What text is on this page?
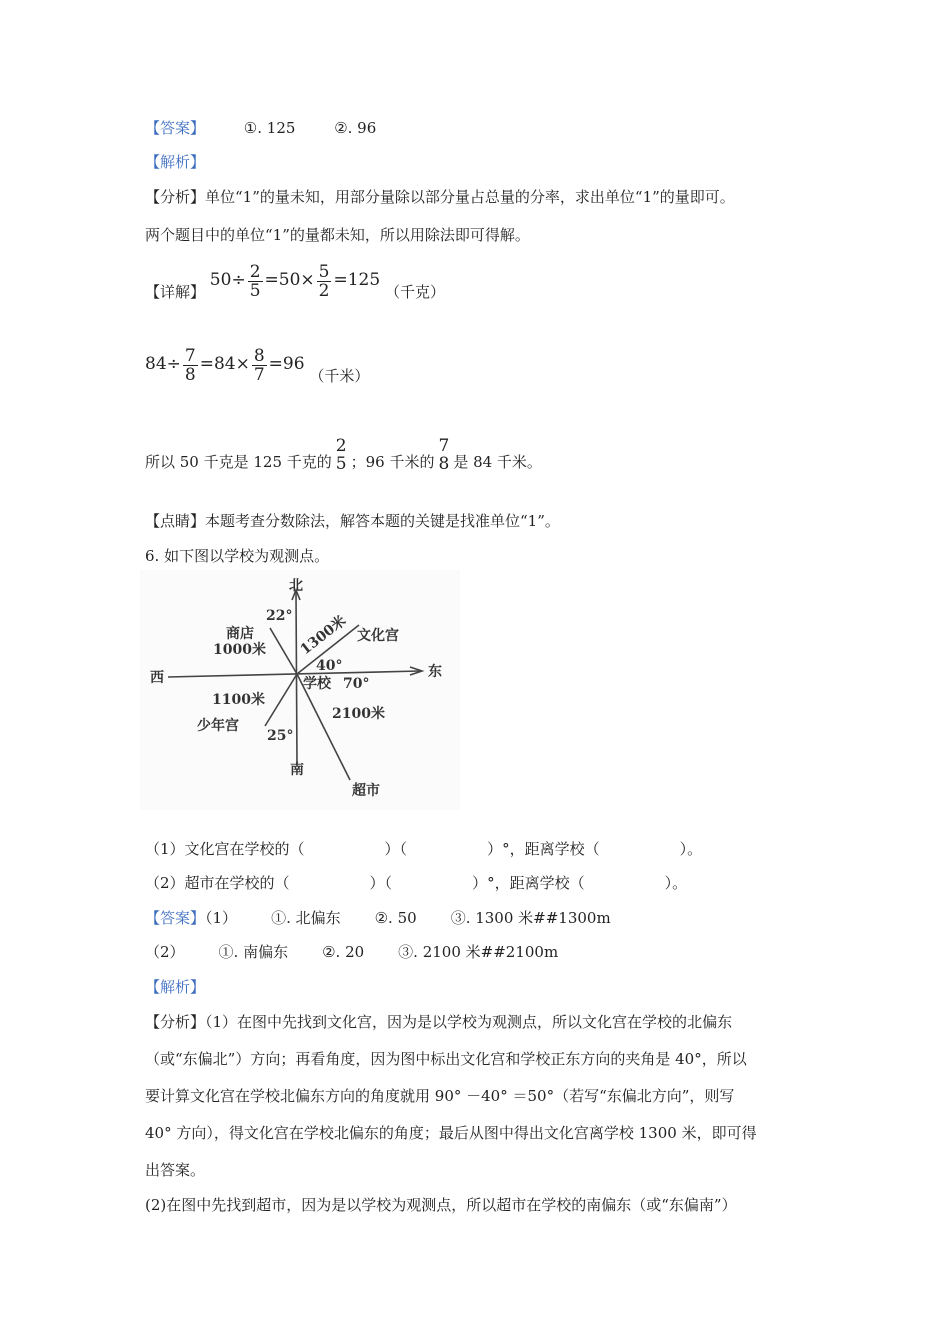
【答案】	①. 125	②. 96
【解析】
【分析】单位“1”的量未知，用部分量除以部分量占总量的分率，求出单位“1”的量即可。
两个题目中的单位“1”的量都未知，所以用除法即可得解。
【详解】 $50\div \frac{2}{5} =50\times \frac{5}{2} =125$ （千克）
$84\div \frac{7}{8} =84\times \frac{8}{7} =96$ （千米）
所以 50 千克是 125 千克的
2
5 ；96 千米的
7
8 是 84 千米。
【点睛】本题考查分数除法，解答本题的关键是找准单位“1”。
6. 如下图以学校为观测点。
北
南
东
西
商店
1000米
22°
文化宫
1300米
40°
学校 70°
1100米
少年宫
25°
2100米
超市
（1）文化宫在学校的（	）（	）°，距离学校（	）。
（2）超市在学校的（	）（	）°，距离学校（	）。
【答案】（1） ①. 北偏东 ②. 50 ③. 1300 米##1300m
（2） ①. 南偏东 ②. 20 ③. 2100 米##2100m
【解析】
【分析】（1）在图中先找到文化宫，因为是以学校为观测点，所以文化宫在学校的北偏东
（或“东偏北”）方向；再看角度，因为图中标出文化宫和学校正东方向的夹角是 40°，所以
要计算文化宫在学校北偏东方向的角度就用 90° －40° ＝50°（若写“东偏北方向”，则写
40° 方向），得文化宫在学校北偏东的角度；最后从图中得出文化宫离学校 1300 米，即可得
出答案。
(2)在图中先找到超市，因为是以学校为观测点，所以超市在学校的南偏东（或“东偏南”）
